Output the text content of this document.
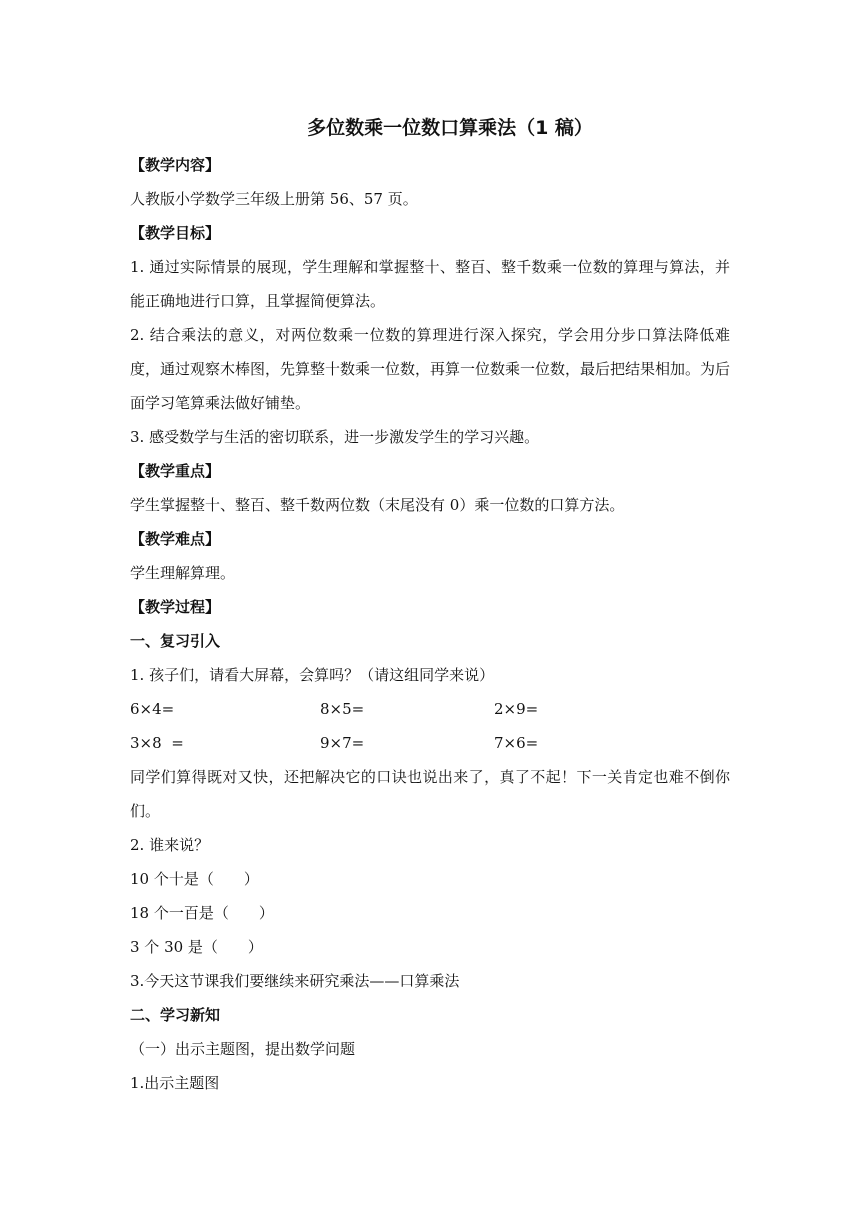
多位数乘一位数口算乘法（1 稿）
【教学内容】
人教版小学数学三年级上册第 56、57 页。
【教学目标】

1. 通过实际情景的展现，学生理解和掌握整十、整百、整千数乘一位数的算理与算法，并能正确地进行口算，且掌握简便算法。

2. 结合乘法的意义，对两位数乘一位数的算理进行深入探究，学会用分步口算法降低难度，通过观察木棒图，先算整十数乘一位数，再算一位数乘一位数，最后把结果相加。为后面学习笔算乘法做好铺垫。

3. 感受数学与生活的密切联系，进一步激发学生的学习兴趣。
【教学重点】
学生掌握整十、整百、整千数两位数（末尾没有 0）乘一位数的口算方法。
【教学难点】
学生理解算理。
【教学过程】
一、复习引入
1. 孩子们，请看大屏幕，会算吗？（请这组同学来说）
6×4=	8×5=	2×9=
3×8  =	9×7=	7×6=

同学们算得既对又快，还把解决它的口诀也说出来了，真了不起！下一关肯定也难不倒你们。

2. 谁来说？
10 个十是（　　）
18 个一百是（　　）
3 个 30 是（　　）
3.今天这节课我们要继续来研究乘法——口算乘法
二、学习新知
（一）出示主题图，提出数学问题
1.出示主题图
